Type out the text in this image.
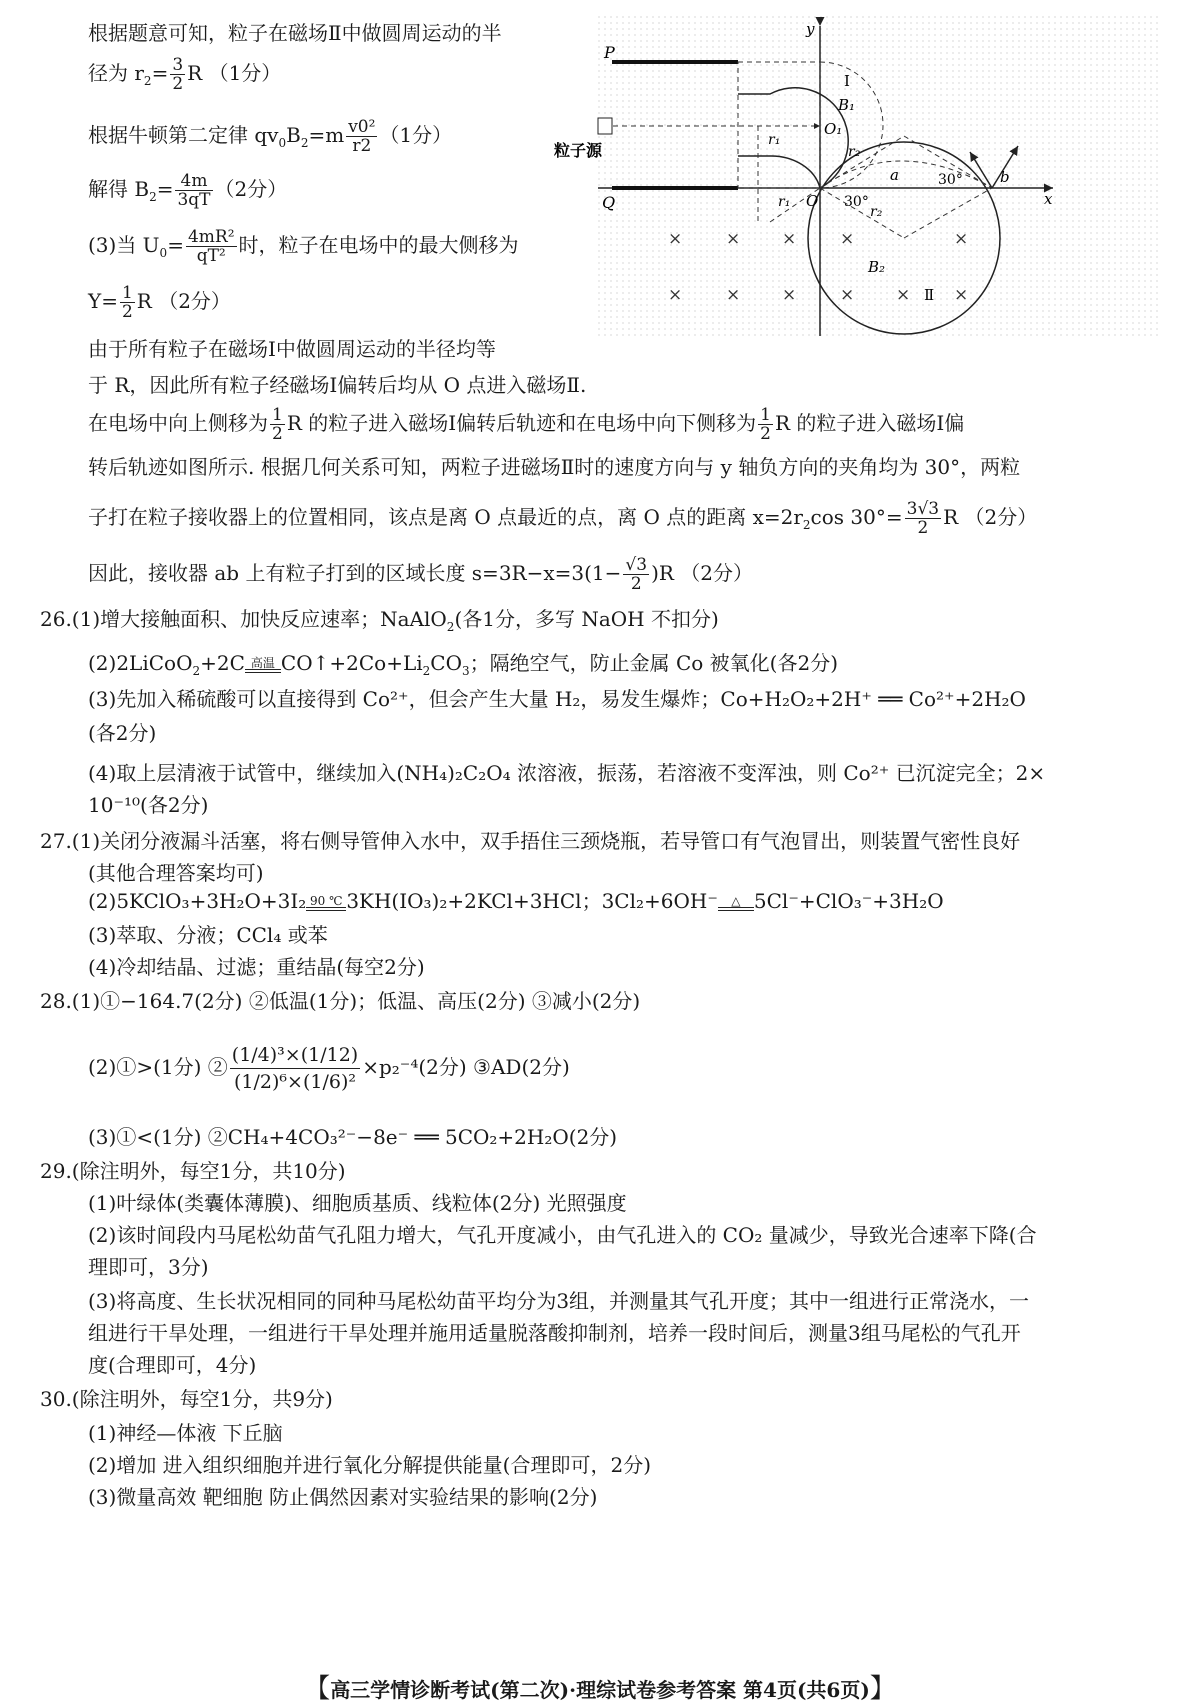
根据题意可知，粒子在磁场Ⅱ中做圆周运动的半
径为 $r_2= \frac{3}{2}$ R （1分）
根据牛顿第二定律 $qv_0B_2=m \frac{\text{v0²}}{r2} (1$分）
解得 $B_2= \frac{4m}{3qT} (2$分）
(3)当 $U_0= \frac{\text{4mR²}}{\text{qT²}}$ 时，粒子在电场中的最大侧移为
$Y= \frac{1}{2}$ R （2分）
由于所有粒子在磁场Ⅰ中做圆周运动的半径均等
于 R，因此所有粒子经磁场Ⅰ偏转后均从 O 点进入磁场Ⅱ.
y
x
P
Q
I
B₁
O₁
r₁
r₁
r₂
r₂
粒子源
O
a	b
30°
30°
B₂
Ⅱ
×	× ×	×	×
×	× ×	× ×	×
在电场中向上侧移为 $\frac{1}{2}$ R 的粒子进入磁场Ⅰ偏转后轨迹和在电场中向下侧移为 $\frac{1}{2}$ R 的粒子进入磁场Ⅰ偏
转后轨迹如图所示. 根据几何关系可知，两粒子进磁场Ⅱ时的速度方向与 y 轴负方向的夹角均为 30°，两粒
子打在粒子接收器上的位置相同，该点是离 O 点最近的点，离 O 点的距离 $x=2r_2\cos$ $30^\circ= \frac{3√3}{2}$ R （2分）
因此，接收器 ab 上有粒子打到的区域长度 $s=3R-x=3(1- \frac{√3}{2} )R$ （2分）
26.(1)增大接触面积、加快反应速率；NaAlO$_2$(各1分，多写 NaOH 不扣分)
(2)2LiCoO$_2$+2C 高温 $CO↑+2Co+Li_2CO_3$；隔绝空气，防止金属 Co 被氧化(各2分)
(3)先加入稀硫酸可以直接得到 Co²⁺，但会产生大量 H₂，易发生爆炸；Co+H₂O₂+2H⁺ ══ Co²⁺+2H₂O
(各2分)
(4)取上层清液于试管中，继续加入(NH₄)₂C₂O₄ 浓溶液，振荡，若溶液不变浑浊，则 Co²⁺ 已沉淀完全；2×
10⁻¹⁰(各2分)
27.(1)关闭分液漏斗活塞，将右侧导管伸入水中，双手捂住三颈烧瓶，若导管口有气泡冒出，则装置气密性良好
(其他合理答案均可)
(2)5KClO₃+3H₂O+3I₂ 90 ℃ 3KH(IO₃)₂+2KCl+3HCl；3Cl₂+6OH⁻	△ 5Cl⁻+ClO₃⁻+3H₂O
(3)萃取、分液；CCl₄ 或苯
(4)冷却结晶、过滤；重结晶(每空2分)
28.(1)①−164.7(2分) ②低温(1分)；低温、高压(2分) ③减小(2分)
(2)①>(1分) ② $\frac{\text{(1/4)³×(1/12)}}{\text{(1/2)⁶×(1/6)²}} \times p_2^{-4}(2$分) ③AD(2分)
(3)①<(1分) ②CH₄+4CO₃²⁻−8e⁻ ══ 5CO₂+2H₂O(2分)
29.(除注明外，每空1分，共10分)
(1)叶绿体(类囊体薄膜)、细胞质基质、线粒体(2分) 光照强度
(2)该时间段内马尾松幼苗气孔阻力增大，气孔开度减小，由气孔进入的 CO₂ 量减少，导致光合速率下降(合
理即可，3分)
(3)将高度、生长状况相同的同种马尾松幼苗平均分为3组，并测量其气孔开度；其中一组进行正常浇水，一
组进行干旱处理，一组进行干旱处理并施用适量脱落酸抑制剂，培养一段时间后，测量3组马尾松的气孔开
度(合理即可，4分)
30.(除注明外，每空1分，共9分)
(1)神经—体液 下丘脑
(2)增加 进入组织细胞并进行氧化分解提供能量(合理即可，2分)
(3)微量高效 靶细胞 防止偶然因素对实验结果的影响(2分)
【高三学情诊断考试(第二次)·理综试卷参考答案 第4页(共6页)】
